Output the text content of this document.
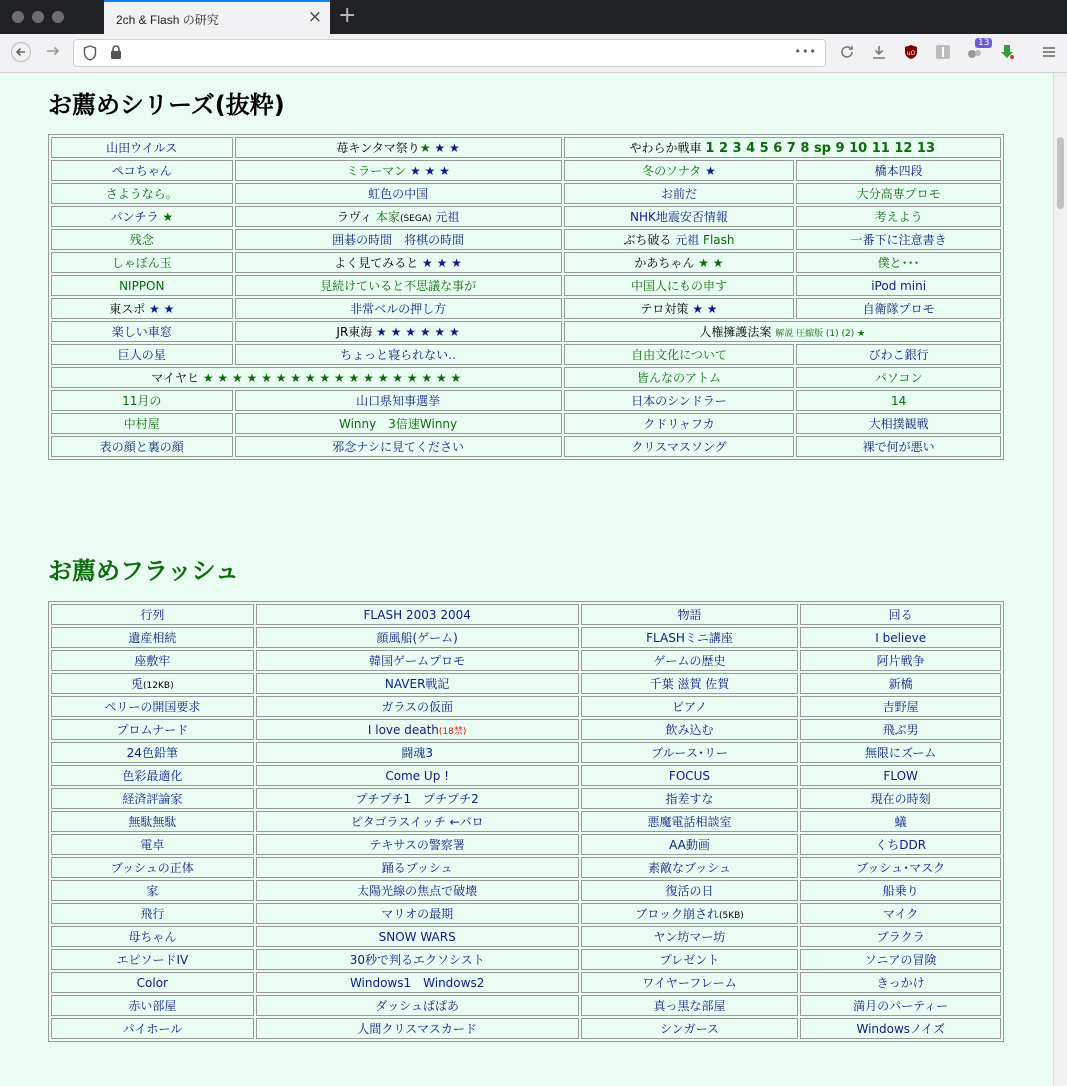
2ch & Flash の研究	× +
•••	uO
13
お薦めシリーズ(抜粋)
山田ウイルス	苺キンタマ祭り★ ★ ★	やわらか戦車 1 2 3 4 5 6 7 8 sp 9 10 11 12 13	
ペコちゃん	ミラーマン ★ ★ ★	冬のソナタ ★	橋本四段
さようなら。	虹色の中国	お前だ	大分高専プロモ
パンチラ ★	ラヴィ 本家(SEGA) 元祖	NHK地震安否情報	考えよう
残念	囲碁の時間　将棋の時間	ぶち破る 元祖 Flash	一番下に注意書き
しゃぼん玉	よく見てみると ★ ★ ★	かあちゃん ★ ★	僕と･･･
NIPPON	見続けていると不思議な事が	中国人にもの申す	iPod mini
東スポ ★ ★	非常ベルの押し方	テロ対策 ★ ★	自衛隊プロモ
楽しい車窓	JR東海 ★ ★ ★ ★ ★ ★	人権擁護法案 解説 圧縮版 (1) (2) ★	
巨人の星	ちょっと寝られない‥	自由文化について	びわこ銀行
マイヤヒ ★ ★ ★ ★ ★ ★ ★ ★ ★ ★ ★ ★ ★ ★ ★ ★ ★ ★		皆んなのアトム	パソコン
11月の	山口県知事選挙	日本のシンドラー	14
中村屋	Winny　3倍速Winny	クドリャフカ	大相撲観戦
表の顔と裏の顔	邪念ナシに見てください	クリスマスソング	裸で何が悪い
お薦めフラッシュ
行列	FLASH 2003 2004	物語	回る
遺産相続	顔風船(ゲーム)	FLASHミニ講座	I believe
座敷牢	韓国ゲームプロモ	ゲームの歴史	阿片戦争
兎(12KB)	NAVER戦記	千葉 滋賀 佐賀	新橋
ペリーの開国要求	ガラスの仮面	ピアノ	吉野屋
プロムナード	I love death(18禁)	飲み込む	飛ぶ男
24色鉛筆	闘魂3	ブルース･リー	無限にズーム
色彩最適化	Come Up !	FOCUS	FLOW
経済評論家	プチプチ1　プチプチ2	指差すな	現在の時刻
無駄無駄	ピタゴラスイッチ ←パロ	悪魔電話相談室	蟻
電卓	テキサスの警察署	AA動画	くちDDR
ブッシュの正体	踊るブッシュ	素敵なブッシュ	ブッシュ･マスク
家	太陽光線の焦点で破壊	復活の日	船乗り
飛行	マリオの最期	ブロック崩され(5KB)	マイク
母ちゃん	SNOW WARS	ヤン坊マー坊	ブラクラ
エピソードIV	30秒で判るエクソシスト	プレゼント	ソニアの冒険
Color	Windows1　Windows2	ワイヤーフレーム	きっかけ
赤い部屋	ダッシュぱぱあ	真っ黒な部屋	満月のパーティー
パイホール	人間クリスマスカード	シンガース	Windowsノイズ
